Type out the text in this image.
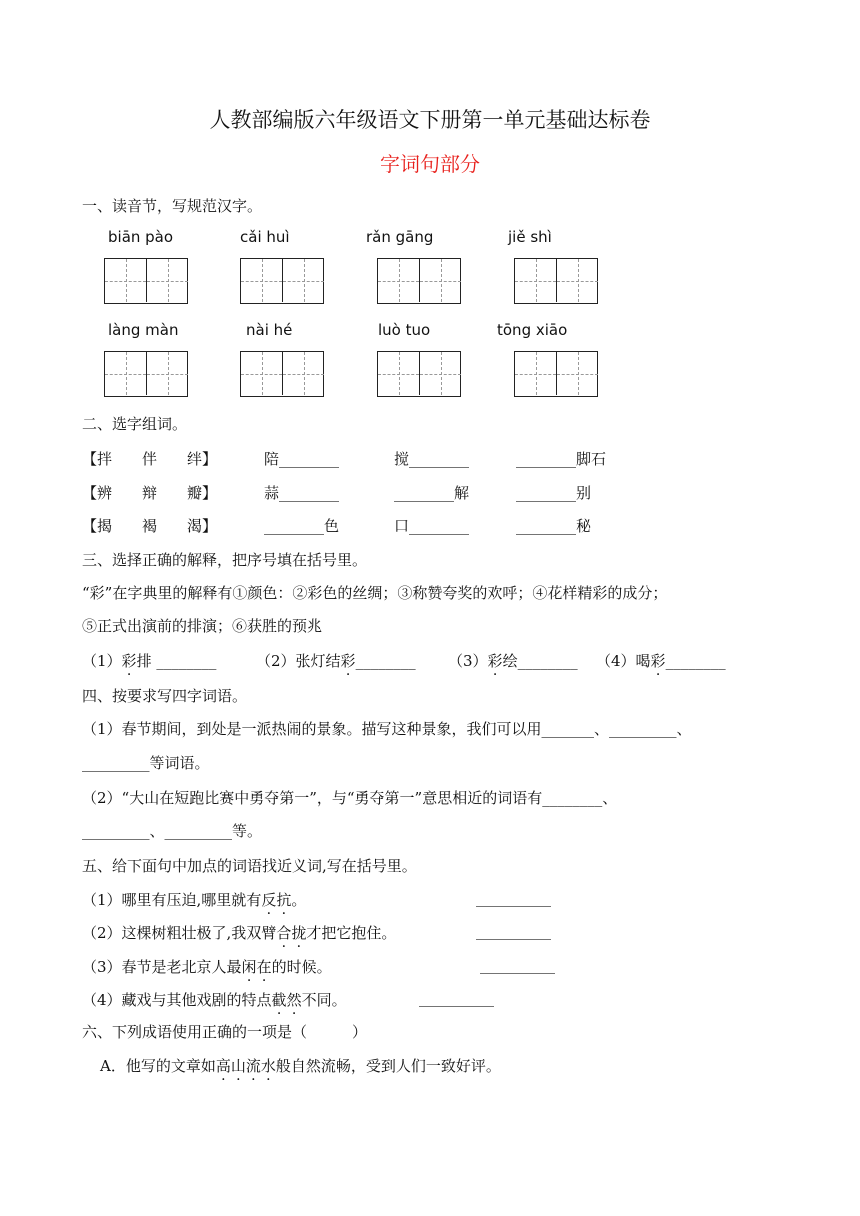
人教部编版六年级语文下册第一单元基础达标卷
字词句部分
一、读音节，写规范汉字。
biān pào	cǎi huì	rǎn gāng	jiě shì
làng màn	nài hé	luò tuo	tōng xiāo
二、选字组词。
【拌　　伴　　绊】	陪________	搅________	________脚石
【辨　　辩　　瓣】	蒜________	________解	________别
【揭　　褐　　渴】	________色	口________	________秘
三、选择正确的解释，把序号填在括号里。
“彩”在字典里的解释有①颜色：②彩色的丝绸；③称赞夸奖的欢呼；④花样精彩的成分；
⑤正式出演前的排演；⑥获胜的预兆
（1）彩排 ________	（2）张灯结彩________ （3）彩绘________ （4）喝彩________
四、按要求写四字词语。
（1）春节期间，到处是一派热闹的景象。描写这种景象，我们可以用_______、_________、
_________等词语。
（2）“大山在短跑比赛中勇夺第一”，与“勇夺第一”意思相近的词语有________、
_________、_________等。
五、给下面句中加点的词语找近义词,写在括号里。
（1）哪里有压迫,哪里就有反抗。	__________
（2）这棵树粗壮极了,我双臂合拢才把它抱住。	__________
（3）春节是老北京人最闲在的时候。	__________
（4）藏戏与其他戏剧的特点截然不同。	__________
六、下列成语使用正确的一项是（　　　）
A．他写的文章如高山流水般自然流畅，受到人们一致好评。
